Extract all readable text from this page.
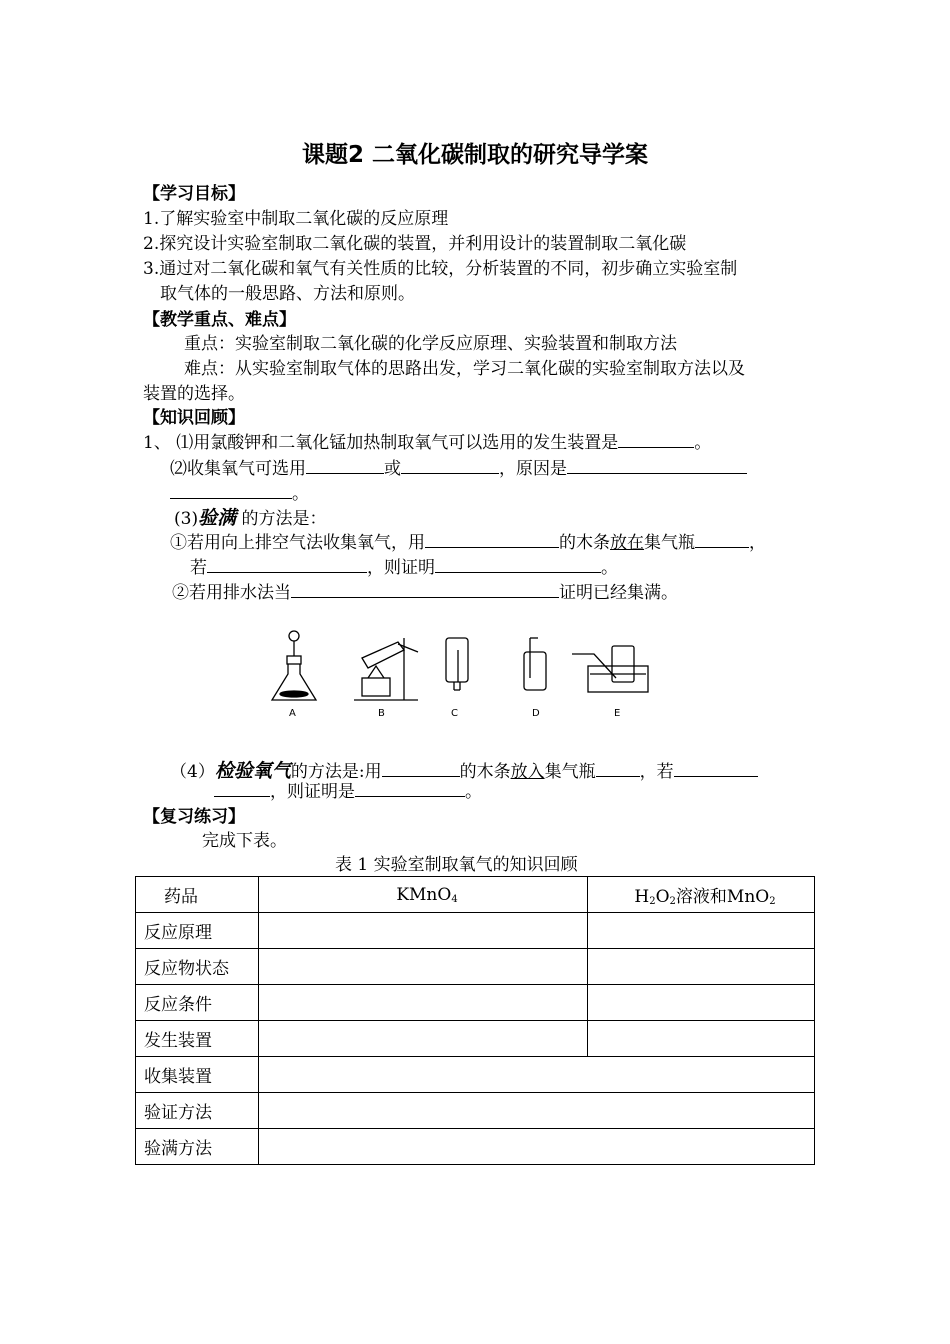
课题2 二氧化碳制取的研究导学案
【学习目标】
1.了解实验室中制取二氧化碳的反应原理
2.探究设计实验室制取二氧化碳的装置，并利用设计的装置制取二氧化碳
3.通过对二氧化碳和氧气有关性质的比较，分析装置的不同，初步确立实验室制
取气体的一般思路、方法和原则。
【教学重点、难点】
重点：实验室制取二氧化碳的化学反应原理、实验装置和制取方法
难点：从实验室制取气体的思路出发，学习二氧化碳的实验室制取方法以及
装置的选择。
【知识回顾】
1、 ⑴用氯酸钾和二氧化锰加热制取氧气可以选用的发生装置是	。
⑵收集氧气可选用	或	，原因是
。
(3)验满 的方法是：
①若用向上排空气法收集氧气，用	的木条放在集气瓶	，
若	，则证明	。
②若用排水法当	证明已经集满。
A	B	C	D	E
（4）检验氧气的方法是:用	的木条放入集气瓶	，若
，则证明是	。
【复习练习】
完成下表。
表 1 实验室制取氧气的知识回顾
药品	KMnO$_4$	$H_2O_2$溶液和MnO$_2$
反应原理		
反应物状态		
反应条件		
发生装置		
收集装置		
验证方法		
验满方法		
